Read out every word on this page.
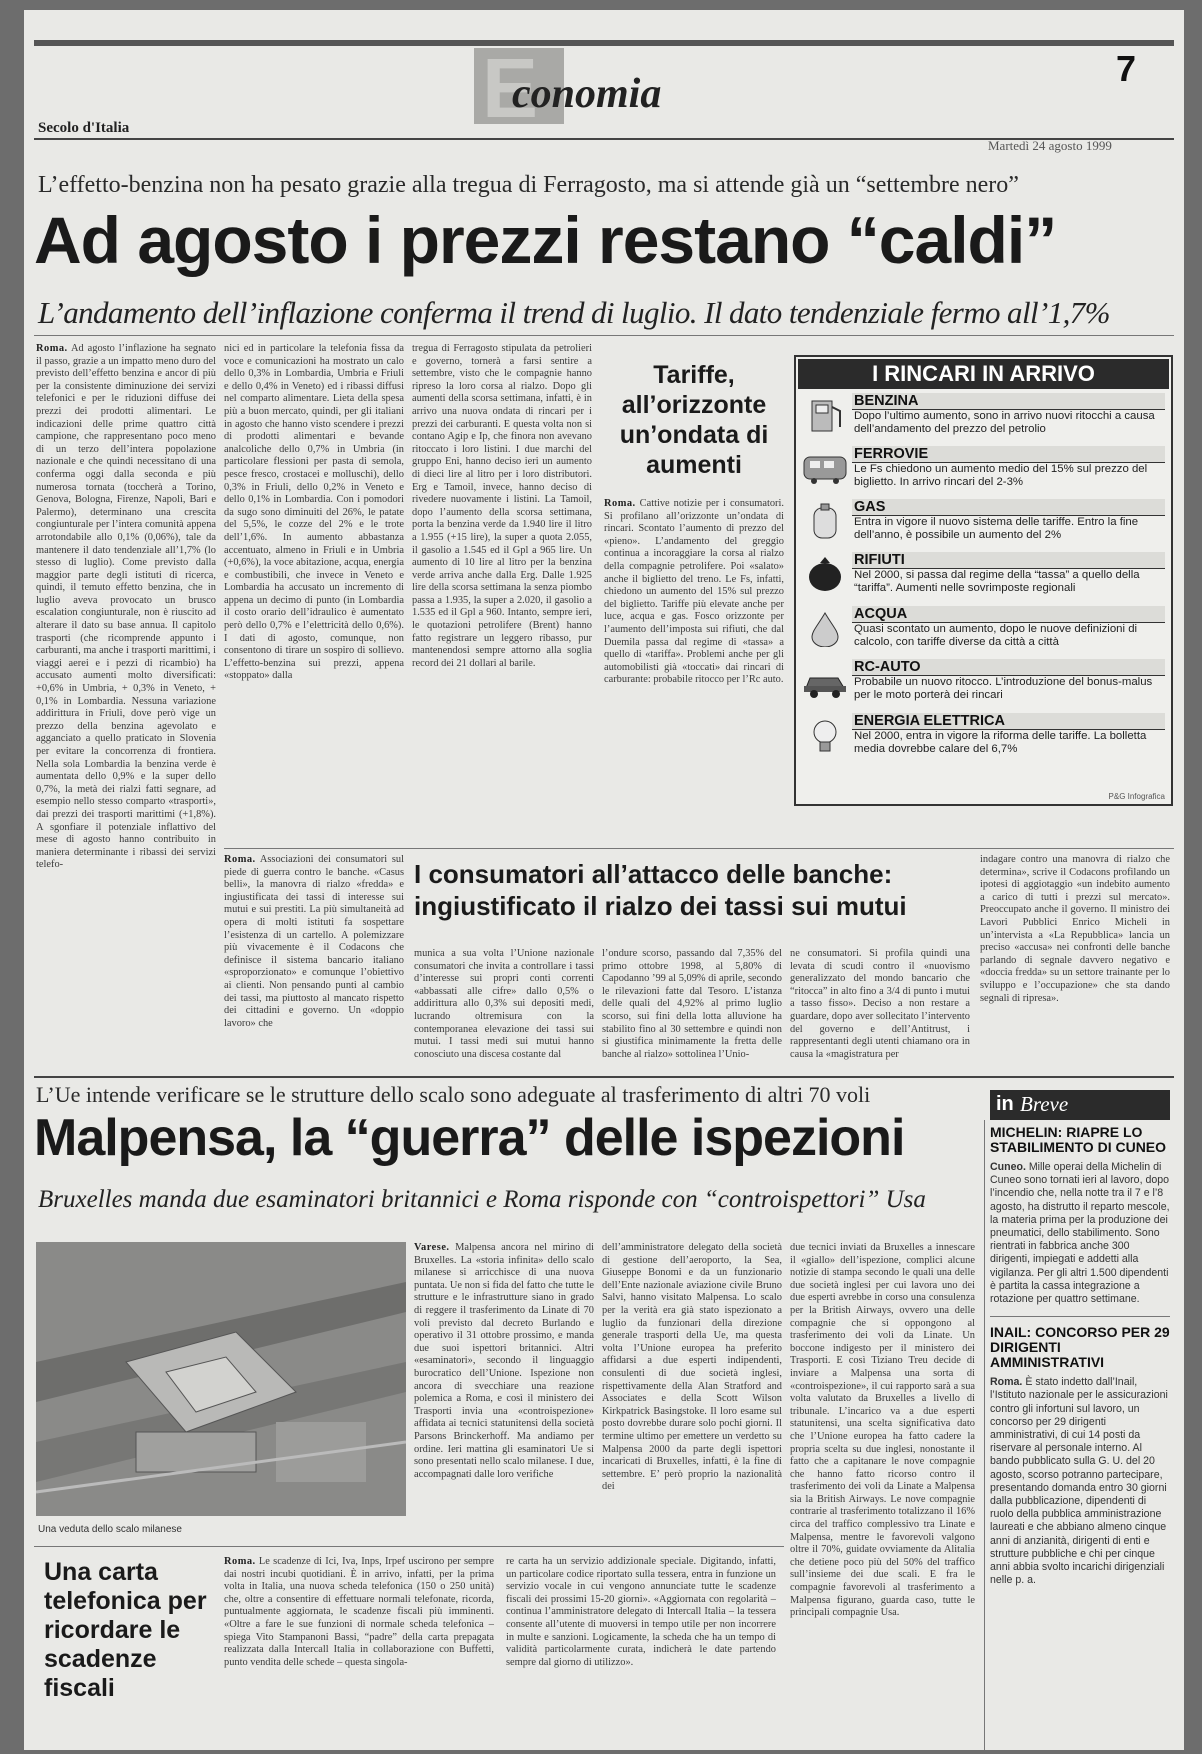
E
conomia
7
Secolo d'Italia
Martedì 24 agosto 1999
L’effetto-benzina non ha pesato grazie alla tregua di Ferragosto, ma si attende già un “settembre nero”
Ad agosto i prezzi restano “caldi”
L’andamento dell’inflazione conferma il trend di luglio. Il dato tendenziale fermo all’1,7%

Roma. Ad agosto l’inflazione ha segnato il passo, grazie a un impatto meno duro del previsto dell’effetto benzina e ancor di più per la consistente diminuzione dei servizi telefonici e per le riduzioni diffuse dei prezzi dei prodotti alimentari. Le indicazioni delle prime quattro città campione, che rappresentano poco meno di un terzo dell’intera popolazione nazionale e che quindi necessitano di una conferma oggi dalla seconda e più numerosa tornata (toccherà a Torino, Genova, Bologna, Firenze, Napoli, Bari e Palermo), determinano una crescita congiunturale per l’intera comunità appena arrotondabile allo 0,1% (0,06%), tale da mantenere il dato tendenziale all’1,7% (lo stesso di luglio). Come previsto dalla maggior parte degli istituti di ricerca, quindi, il temuto effetto benzina, che in luglio aveva provocato un brusco escalation congiunturale, non è riuscito ad alterare il dato su base annua. Il capitolo trasporti (che ricomprende appunto i carburanti, ma anche i trasporti marittimi, i viaggi aerei e i pezzi di ricambio) ha accusato aumenti molto diversificati: +0,6% in Umbria, + 0,3% in Veneto, + 0,1% in Lombardia. Nessuna variazione addirittura in Friuli, dove però vige un prezzo della benzina agevolato e agganciato a quello praticato in Slovenia per evitare la concorrenza di frontiera. Nella sola Lombardia la benzina verde è aumentata dello 0,9% e la super dello 0,7%, la metà dei rialzi fatti segnare, ad esempio nello stesso comparto «trasporti», dai prezzi dei trasporti marittimi (+1,8%). A sgonfiare il potenziale inflattivo del mese di agosto hanno contribuito in maniera determinante i ribassi dei servizi telefo-

nici ed in particolare la telefonia fissa da voce e comunicazioni ha mostrato un calo dello 0,3% in Lombardia, Umbria e Friuli e dello 0,4% in Veneto) ed i ribassi diffusi nel comparto alimentare. Lieta della spesa più a buon mercato, quindi, per gli italiani in agosto che hanno visto scendere i prezzi di prodotti alimentari e bevande analcoliche dello 0,7% in Umbria (in particolare flessioni per pasta di semola, pesce fresco, crostacei e molluschi), dello 0,3% in Friuli, dello 0,2% in Veneto e dello 0,1% in Lombardia. Con i pomodori da sugo sono diminuiti del 26%, le patate del 5,5%, le cozze del 2% e le trote dell’1,6%. In aumento abbastanza accentuato, almeno in Friuli e in Umbria (+0,6%), la voce abitazione, acqua, energia e combustibili, che invece in Veneto e Lombardia ha accusato un incremento di appena un decimo di punto (in Lombardia il costo orario dell’idraulico è aumentato però dello 0,7% e l’elettricità dello 0,6%). I dati di agosto, comunque, non consentono di tirare un sospiro di sollievo. L’effetto-benzina sui prezzi, appena «stoppato» dalla

tregua di Ferragosto stipulata da petrolieri e governo, tornerà a farsi sentire a settembre, visto che le compagnie hanno ripreso la loro corsa al rialzo. Dopo gli aumenti della scorsa settimana, infatti, è in arrivo una nuova ondata di rincari per i prezzi dei carburanti. E questa volta non si contano Agip e Ip, che finora non avevano ritoccato i loro listini. I due marchi del gruppo Eni, hanno deciso ieri un aumento di dieci lire al litro per i loro distributori. Erg e Tamoil, invece, hanno deciso di rivedere nuovamente i listini. La Tamoil, dopo l’aumento della scorsa settimana, porta la benzina verde da 1.940 lire il litro a 1.955 (+15 lire), la super a quota 2.055, il gasolio a 1.545 ed il Gpl a 965 lire. Un aumento di 10 lire al litro per la benzina verde arriva anche dalla Erg. Dalle 1.925 lire della scorsa settimana la senza piombo passa a 1.935, la super a 2.020, il gasolio a 1.535 ed il Gpl a 960. Intanto, sempre ieri, le quotazioni petrolifere (Brent) hanno fatto registrare un leggero ribasso, pur mantenendosi sempre attorno alla soglia record dei 21 dollari al barile.

Tariffe, all’orizzonte un’ondata di aumenti

Roma. Cattive notizie per i consumatori. Si profilano all’orizzonte un’ondata di rincari. Scontato l’aumento di prezzo del «pieno». L’andamento del greggio continua a incoraggiare la corsa al rialzo della compagnie petrolifere. Poi «salato» anche il biglietto del treno. Le Fs, infatti, chiedono un aumento del 15% sul prezzo del biglietto. Tariffe più elevate anche per luce, acqua e gas. Fosco orizzonte per l’aumento dell’imposta sui rifiuti, che dal Duemila passa dal regime di «tassa» a quello di «tariffa». Problemi anche per gli automobilisti già «toccati» dai rincari di carburante: probabile ritocco per l’Rc auto.

I RINCARI IN ARRIVO
BENZINA
Dopo l’ultimo aumento, sono in arrivo nuovi ritocchi a causa dell’andamento del prezzo del petrolio
FERROVIE
Le Fs chiedono un aumento medio del 15% sul prezzo del biglietto. In arrivo rincari del 2-3%
GAS
Entra in vigore il nuovo sistema delle tariffe. Entro la fine dell’anno, è possibile un aumento del 2%
RIFIUTI
Nel 2000, si passa dal regime della “tassa” a quello della “tariffa”. Aumenti nelle sovrimposte regionali
ACQUA
Quasi scontato un aumento, dopo le nuove definizioni di calcolo, con tariffe diverse da città a città
RC-AUTO
Probabile un nuovo ritocco. L’introduzione del bonus-malus per le moto porterà dei rincari
ENERGIA ELETTRICA
Nel 2000, entra in vigore la riforma delle tariffe. La bolletta media dovrebbe calare del 6,7%
P&G Infografica

Roma. Associazioni dei consumatori sul piede di guerra contro le banche. «Casus belli», la manovra di rialzo «fredda» e ingiustificata dei tassi di interesse sui mutui e sui prestiti. La più simultaneità ad opera di molti istituti fa sospettare l’esistenza di un cartello. A polemizzare più vivacemente è il Codacons che definisce il sistema bancario italiano «sproporzionato» e comunque l’obiettivo ai clienti. Non pensando punti al cambio dei tassi, ma piuttosto al mancato rispetto dei cittadini e governo. Un «doppio lavoro» che

I consumatori all’attacco delle banche:
ingiustificato il rialzo dei tassi sui mutui

munica a sua volta l’Unione nazionale consumatori che invita a controllare i tassi d’interesse sui propri conti correnti «abbassati alle cifre» dallo 0,5% o addirittura allo 0,3% sui depositi medi, lucrando oltremisura con la contemporanea elevazione dei tassi sui mutui. I tassi medi sui mutui hanno conosciuto una discesa costante dal

l’ondure scorso, passando dal 7,35% del primo ottobre 1998, al 5,80% di Capodanno ’99 al 5,09% di aprile, secondo le rilevazioni fatte dal Tesoro. L’istanza delle quali del 4,92% al primo luglio scorso, sui fini della lotta alluvione ha stabilito fino al 30 settembre e quindi non si giustifica minimamente la fretta delle banche al rialzo» sottolinea l’Unio-

ne consumatori. Si profila quindi una levata di scudi contro il «nuovismo generalizzato del mondo bancario che “ritocca” in alto fino a 3/4 di punto i mutui a tasso fisso». Deciso a non restare a guardare, dopo aver sollecitato l’intervento del governo e dell’Antitrust, i rappresentanti degli utenti chiamano ora in causa la «magistratura per

indagare contro una manovra di rialzo che determina», scrive il Codacons profilando un ipotesi di aggiotaggio «un indebito aumento a carico di tutti i prezzi sul mercato». Preoccupato anche il governo. Il ministro dei Lavori Pubblici Enrico Micheli in un’intervista a «La Repubblica» lancia un preciso «accusa» nei confronti delle banche parlando di segnale davvero negativo e «doccia fredda» su un settore trainante per lo sviluppo e l’occupazione» che sta dando segnali di ripresa».

L’Ue intende verificare se le strutture dello scalo sono adeguate al trasferimento di altri 70 voli
Malpensa, la “guerra” delle ispezioni
Bruxelles manda due esaminatori britannici e Roma risponde con “controispettori” Usa
Una veduta dello scalo milanese

Varese. Malpensa ancora nel mirino di Bruxelles. La «storia infinita» dello scalo milanese si arricchisce di una nuova puntata. Ue non si fida del fatto che tutte le strutture e le infrastrutture siano in grado di reggere il trasferimento da Linate di 70 voli previsto dal decreto Burlando e operativo il 31 ottobre prossimo, e manda due suoi ispettori britannici. Altri «esaminatori», secondo il linguaggio burocratico dell’Unione. Ispezione non ancora di svecchiare una reazione polemica a Roma, e così il ministero dei Trasporti invia una «controispezione» affidata ai tecnici statunitensi della società Parsons Brinckerhoff. Ma andiamo per ordine. Ieri mattina gli esaminatori Ue si sono presentati nello scalo milanese. I due, accompagnati dalle loro verifiche

dell’amministratore delegato della società di gestione dell’aeroporto, la Sea, Giuseppe Bonomi e da un funzionario dell’Ente nazionale aviazione civile Bruno Salvi, hanno visitato Malpensa. Lo scalo per la verità era già stato ispezionato a luglio da funzionari della direzione generale trasporti della Ue, ma questa volta l’Unione europea ha preferito affidarsi a due esperti indipendenti, consulenti di due società inglesi, rispettivamente della Alan Stratford and Associates e della Scott Wilson Kirkpatrick Basingstoke. Il loro esame sul posto dovrebbe durare solo pochi giorni. Il termine ultimo per emettere un verdetto su Malpensa 2000 da parte degli ispettori incaricati di Bruxelles, infatti, è la fine di settembre. E’ però proprio la nazionalità dei

due tecnici inviati da Bruxelles a innescare il «giallo» dell’ispezione, complici alcune notizie di stampa secondo le quali una delle due società inglesi per cui lavora uno dei due esperti avrebbe in corso una consulenza per la British Airways, ovvero una delle compagnie che si oppongono al trasferimento dei voli da Linate. Un boccone indigesto per il ministero dei Trasporti. E così Tiziano Treu decide di inviare a Malpensa una sorta di «controispezione», il cui rapporto sarà a sua volta valutato da Bruxelles a livello di tribunale. L’incarico va a due esperti statunitensi, una scelta significativa dato che l’Unione europea ha fatto cadere la propria scelta su due inglesi, nonostante il fatto che a capitanare le nove compagnie che hanno fatto ricorso contro il trasferimento dei voli da Linate a Malpensa sia la British Airways. Le nove compagnie contrarie al trasferimento totalizzano il 16% circa del traffico complessivo tra Linate e Malpensa, mentre le favorevoli valgono oltre il 70%, guidate ovviamente da Alitalia che detiene poco più del 50% del traffico sull’insieme dei due scali. E fra le compagnie favorevoli al trasferimento a Malpensa figurano, guarda caso, tutte le principali compagnie Usa.

Una carta telefonica per ricordare le scadenze fiscali

Roma. Le scadenze di Ici, Iva, Inps, Irpef uscirono per sempre dai nostri incubi quotidiani. È in arrivo, infatti, per la prima volta in Italia, una nuova scheda telefonica (150 o 250 unità) che, oltre a consentire di effettuare normali telefonate, ricorda, puntualmente aggiornata, le scadenze fiscali più imminenti. «Oltre a fare le sue funzioni di normale scheda telefonica – spiega Vito Stampanoni Bassi, “padre” della carta prepagata realizzata dalla Intercall Italia in collaborazione con Buffetti, punto vendita delle schede – questa singola-

re carta ha un servizio addizionale speciale. Digitando, infatti, un particolare codice riportato sulla tessera, entra in funzione un servizio vocale in cui vengono annunciate tutte le scadenze fiscali dei prossimi 15-20 giorni». «Aggiornata con regolarità – continua l’amministratore delegato di Intercall Italia – la tessera consente all’utente di muoversi in tempo utile per non incorrere in multe e sanzioni. Logicamente, la scheda che ha un tempo di validità particolarmente curata, indicherà le date partendo sempre dal giorno di utilizzo».

in Breve
MICHELIN: RIAPRE LO STABILIMENTO DI CUNEO

Cuneo. Mille operai della Michelin di Cuneo sono tornati ieri al lavoro, dopo l’incendio che, nella notte tra il 7 e l’8 agosto, ha distrutto il reparto mescole, la materia prima per la produzione dei pneumatici, dello stabilimento. Sono rientrati in fabbrica anche 300 dirigenti, impiegati e addetti alla vigilanza. Per gli altri 1.500 dipendenti è partita la cassa integrazione a rotazione per quattro settimane.

INAIL: CONCORSO PER 29 DIRIGENTI AMMINISTRATIVI

Roma. È stato indetto dall’Inail, l’Istituto nazionale per le assicurazioni contro gli infortuni sul lavoro, un concorso per 29 dirigenti amministrativi, di cui 14 posti da riservare al personale interno. Al bando pubblicato sulla G. U. del 20 agosto, scorso potranno partecipare, presentando domanda entro 30 giorni dalla pubblicazione, dipendenti di ruolo della pubblica amministrazione laureati e che abbiano almeno cinque anni di anzianità, dirigenti di enti e strutture pubbliche e chi per cinque anni abbia svolto incarichi dirigenziali nelle p. a.
